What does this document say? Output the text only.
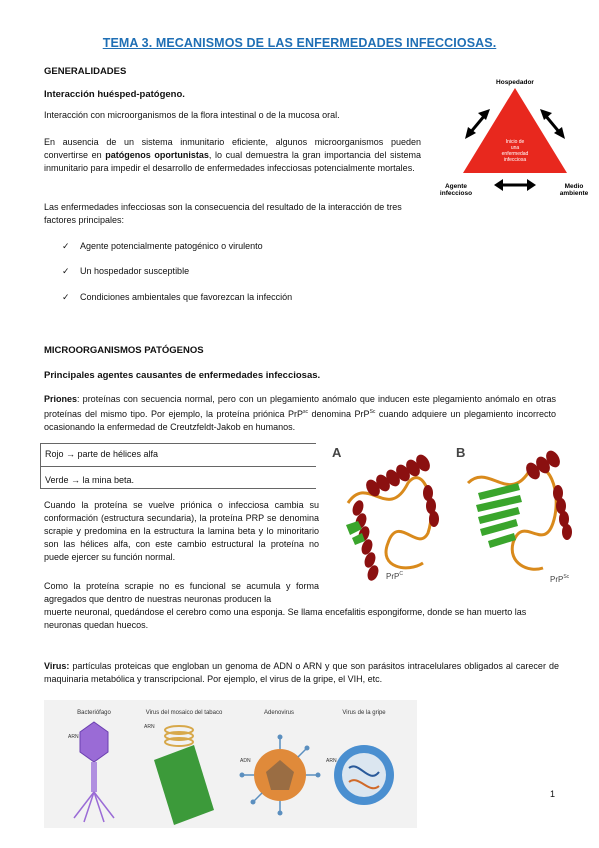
TEMA 3. MECANISMOS DE LAS ENFERMEDADES INFECCIOSAS.
GENERALIDADES
Interacción huésped-patógeno.
Interacción con microorganismos de la flora intestinal o de la mucosa oral.
En ausencia de un sistema inmunitario eficiente, algunos microorganismos pueden convertirse en patógenos oportunistas, lo cual demuestra la gran importancia del sistema inmunitario para impedir el desarrollo de enfermedades infecciosas potencialmente mortales.
Las enfermedades infecciosas son la consecuencia del resultado de la interacción de tres factores principales:
✓ Agente potencialmente patogénico o virulento
✓ Un hospedador susceptible
✓ Condiciones ambientales que favorezcan la infección
Hospedador
Inicio de
una
enfermedad
infecciosa
Agente
infeccioso
Medio
ambiente
MICROORGANISMOS PATÓGENOS
Principales agentes causantes de enfermedades infecciosas.
Priones: proteínas con secuencia normal, pero con un plegamiento anómalo que inducen este plegamiento anómalo en otras proteínas del mismo tipo. Por ejemplo, la proteína priónica PrP$^{sc}$ denomina PrP$^{Sc}$ cuando adquiere un plegamiento incorrecto ocasionando la enfermedad de Creutzfeldt-Jakob en humanos.
Rojo → parte de hélices alfa
Verde → la mina beta.
Cuando la proteína se vuelve priónica o infecciosa cambia su conformación (estructura secundaria), la proteína PRP se denomina scrapie y predomina en la estructura la lamina beta y lo minoritario son las hélices alfa, con este cambio estructural la proteína no puede ejercer su función normal.
Como la proteína scrapie no es funcional se acumula y forma agregados que dentro de nuestras neuronas producen la
muerte neuronal, quedándose el cerebro como una esponja. Se llama encefalitis espongiforme, donde se han muerto las neuronas quedan huecos.
A	B
PrP$^C$
PrP$^{Sc}$
Virus: partículas proteicas que engloban un genoma de ADN o ARN y que son parásitos intracelulares obligados al carecer de maquinaria metabólica y transcripcional. Por ejemplo, el virus de la gripe, el VIH, etc.
Bacteriófago	Virus del mosaico del tabaco	Adenovirus	Virus de la gripe
ARN
ARN
ADN	ARN
1
